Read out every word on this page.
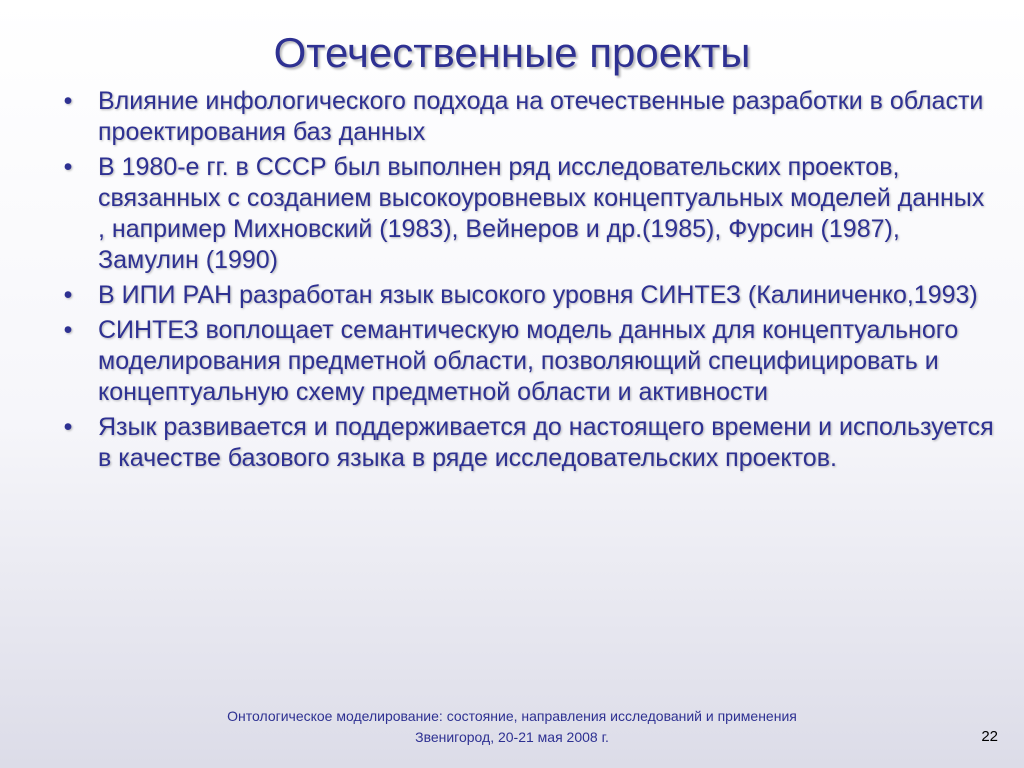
Отечественные проекты
• Влияние инфологического подхода на отечественные разработки в области проектирования баз данных
• В 1980-е гг. в СССР был выполнен ряд исследовательских проектов, связанных с созданием высокоуровневых концептуальных моделей данных , например Михновский (1983), Вейнеров и др.(1985), Фурсин (1987), Замулин (1990)
• В ИПИ РАН разработан язык высокого уровня СИНТЕЗ (Калиниченко,1993)
• СИНТЕЗ воплощает семантическую модель данных для концептуального моделирования предметной области, позволяющий специфицировать и концептуальную схему предметной области и активности
• Язык развивается и поддерживается до настоящего времени и используется в качестве базового языка в ряде исследовательских проектов.
Онтологическое моделирование: состояние, направления исследований и применения
Звенигород, 20-21 мая 2008 г.	22
